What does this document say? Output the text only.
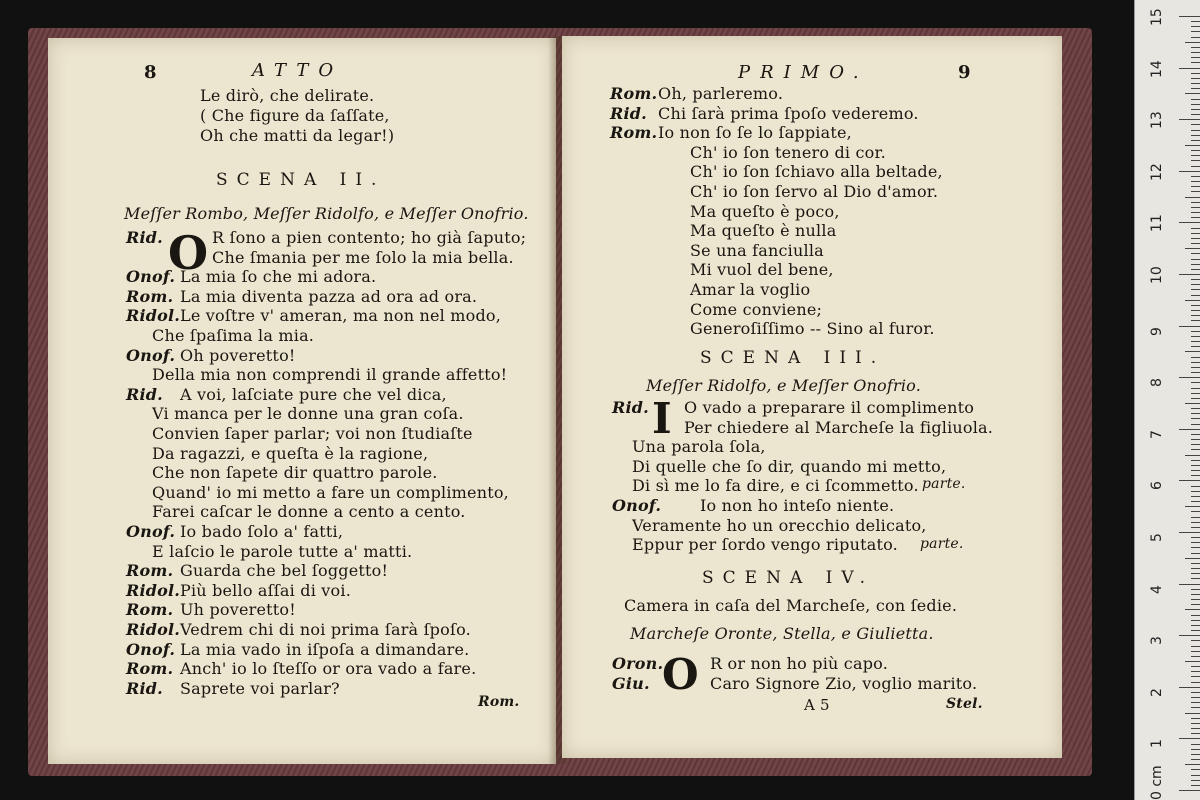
8	ATTO
Le dirò, che delirate.
( Che figure da ſaſſate,
Oh che matti da legar!)
SCENA II.
Meſſer Rombo, Meſſer Ridolfo, e Meſſer Onofrio.
Rid.	R ſono a pien contento; ho già ſaputo;
Che ſmania per me ſolo la mia bella.
Onof. La mia ſo che mi adora.
Rom. La mia diventa pazza ad ora ad ora.
Ridol. Le voſtre v' ameran, ma non nel modo,
Che ſpaſima la mia.
Onof. Oh poveretto!
Della mia non comprendi il grande affetto!
Rid. A voi, laſciate pure che vel dica,
Vi manca per le donne una gran coſa.
Convien ſaper parlar; voi non ſtudiaſte
Da ragazzi, e queſta è la ragione,
Che non ſapete dir quattro parole.
Quand' io mi metto a fare un complimento,
Farei caſcar le donne a cento a cento.
Onof. Io bado ſolo a' fatti,
E laſcio le parole tutte a' matti.
Rom. Guarda che bel ſoggetto!
Ridol. Più bello aſſai di voi.
Rom. Uh poveretto!
Ridol. Vedrem chi di noi prima ſarà ſpoſo.
Onof. La mia vado in iſpoſa a dimandare.
Rom. Anch' io lo ſteſſo or ora vado a fare.
Rid. Saprete voi parlar?
O
Rom.
PRIMO.	9
Rom. Oh, parleremo.
Rid. Chi ſarà prima ſpoſo vederemo.
Rom. Io non ſo ſe lo ſappiate,
Ch' io ſon tenero di cor.
Ch' io ſon ſchiavo alla beltade,
Ch' io ſon ſervo al Dio d'amor.
Ma queſto è poco,
Ma queſto è nulla
Se una fanciulla
Mi vuol del bene,
Amar la voglio
Come conviene;
Generoſiſſimo -- Sino al furor.
SCENA III.
Meſſer Ridolfo, e Meſſer Onofrio.
Rid. O vado a preparare il complimento
Per chiedere al Marcheſe la figliuola.
Una parola ſola,
Di quelle che ſo dir, quando mi metto,
Di sì me lo fa dire, e ci ſcommetto.
Onof. Io non ho inteſo niente.
Veramente ho un orecchio delicato,
Eppur per ſordo vengo riputato.
I
parte.
parte.
SCENA IV.
Camera in caſa del Marcheſe, con ſedie.
Marcheſe Oronte, Stella, e Giulietta.
Oron.	R or non ho più capo.
Giu.	Caro Signore Zio, voglio marito.
O
A 5	Stel.
15
14
13
12
11
10
9
8
7
6
5
4
3
2
1
0 cm
